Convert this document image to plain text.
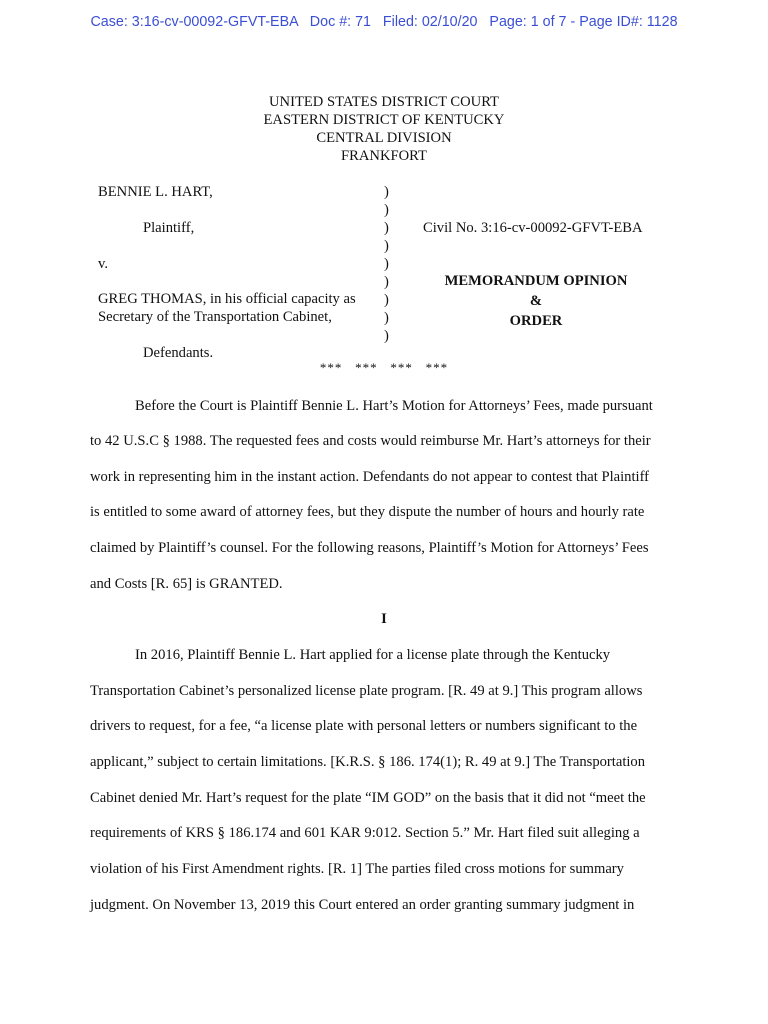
Case: 3:16-cv-00092-GFVT-EBA   Doc #: 71   Filed: 02/10/20   Page: 1 of 7 - Page ID#: 1128
UNITED STATES DISTRICT COURT
EASTERN DISTRICT OF KENTUCKY
CENTRAL DIVISION
FRANKFORT
BENNIE L. HART,
Plaintiff,
v.
GREG THOMAS, in his official capacity as
Secretary of the Transportation Cabinet,
Defendants.
)
)
)
)
)
)
)
)
)
Civil No. 3:16-cv-00092-GFVT-EBA
MEMORANDUM OPINION
&
ORDER
***   ***   ***   ***
Before the Court is Plaintiff Bennie L. Hart’s Motion for Attorneys’ Fees, made pursuant
to 42 U.S.C § 1988. The requested fees and costs would reimburse Mr. Hart’s attorneys for their
work in representing him in the instant action. Defendants do not appear to contest that Plaintiff
is entitled to some award of attorney fees, but they dispute the number of hours and hourly rate
claimed by Plaintiff’s counsel. For the following reasons, Plaintiff’s Motion for Attorneys’ Fees
and Costs [R. 65] is GRANTED.
I
In 2016, Plaintiff Bennie L. Hart applied for a license plate through the Kentucky
Transportation Cabinet’s personalized license plate program. [R. 49 at 9.] This program allows
drivers to request, for a fee, “a license plate with personal letters or numbers significant to the
applicant,” subject to certain limitations. [K.R.S. § 186. 174(1); R. 49 at 9.] The Transportation
Cabinet denied Mr. Hart’s request for the plate “IM GOD” on the basis that it did not “meet the
requirements of KRS § 186.174 and 601 KAR 9:012. Section 5.” Mr. Hart filed suit alleging a
violation of his First Amendment rights. [R. 1] The parties filed cross motions for summary
judgment. On November 13, 2019 this Court entered an order granting summary judgment in
